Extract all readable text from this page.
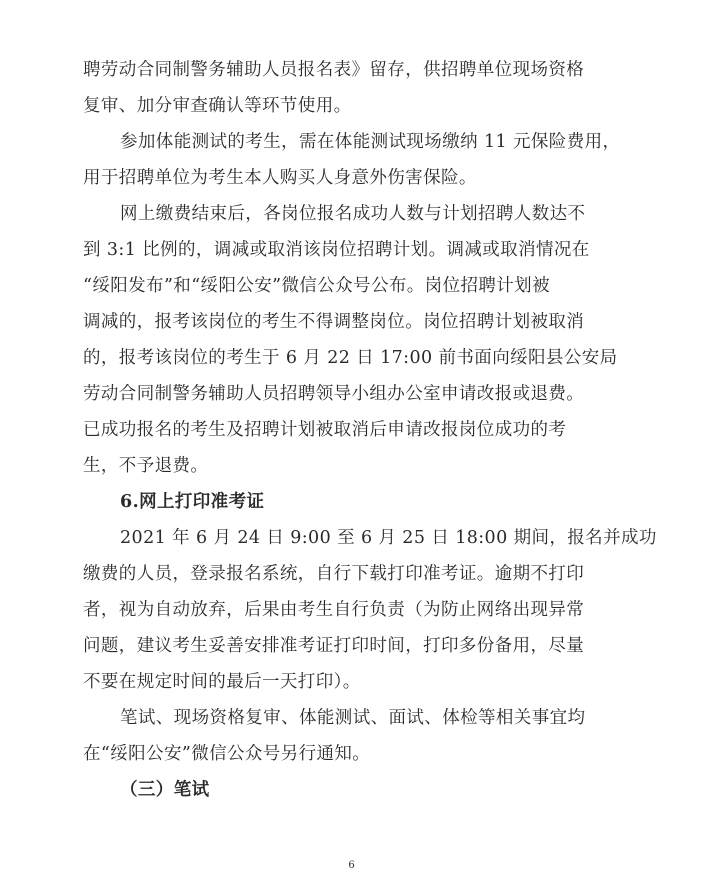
聘劳动合同制警务辅助人员报名表》留存，供招聘单位现场资格
复审、加分审查确认等环节使用。
参加体能测试的考生，需在体能测试现场缴纳 11 元保险费用，
用于招聘单位为考生本人购买人身意外伤害保险。
网上缴费结束后，各岗位报名成功人数与计划招聘人数达不
到 3:1 比例的，调减或取消该岗位招聘计划。调减或取消情况在
“绥阳发布”和“绥阳公安”微信公众号公布。岗位招聘计划被
调减的，报考该岗位的考生不得调整岗位。岗位招聘计划被取消
的，报考该岗位的考生于 6 月 22 日 17:00 前书面向绥阳县公安局
劳动合同制警务辅助人员招聘领导小组办公室申请改报或退费。
已成功报名的考生及招聘计划被取消后申请改报岗位成功的考
生，不予退费。
6.网上打印准考证
2021 年 6 月 24 日 9:00 至 6 月 25 日 18:00 期间，报名并成功
缴费的人员，登录报名系统，自行下载打印准考证。逾期不打印
者，视为自动放弃，后果由考生自行负责（为防止网络出现异常
问题，建议考生妥善安排准考证打印时间，打印多份备用，尽量
不要在规定时间的最后一天打印）。
笔试、现场资格复审、体能测试、面试、体检等相关事宜均
在“绥阳公安”微信公众号另行通知。
（三）笔试
6
